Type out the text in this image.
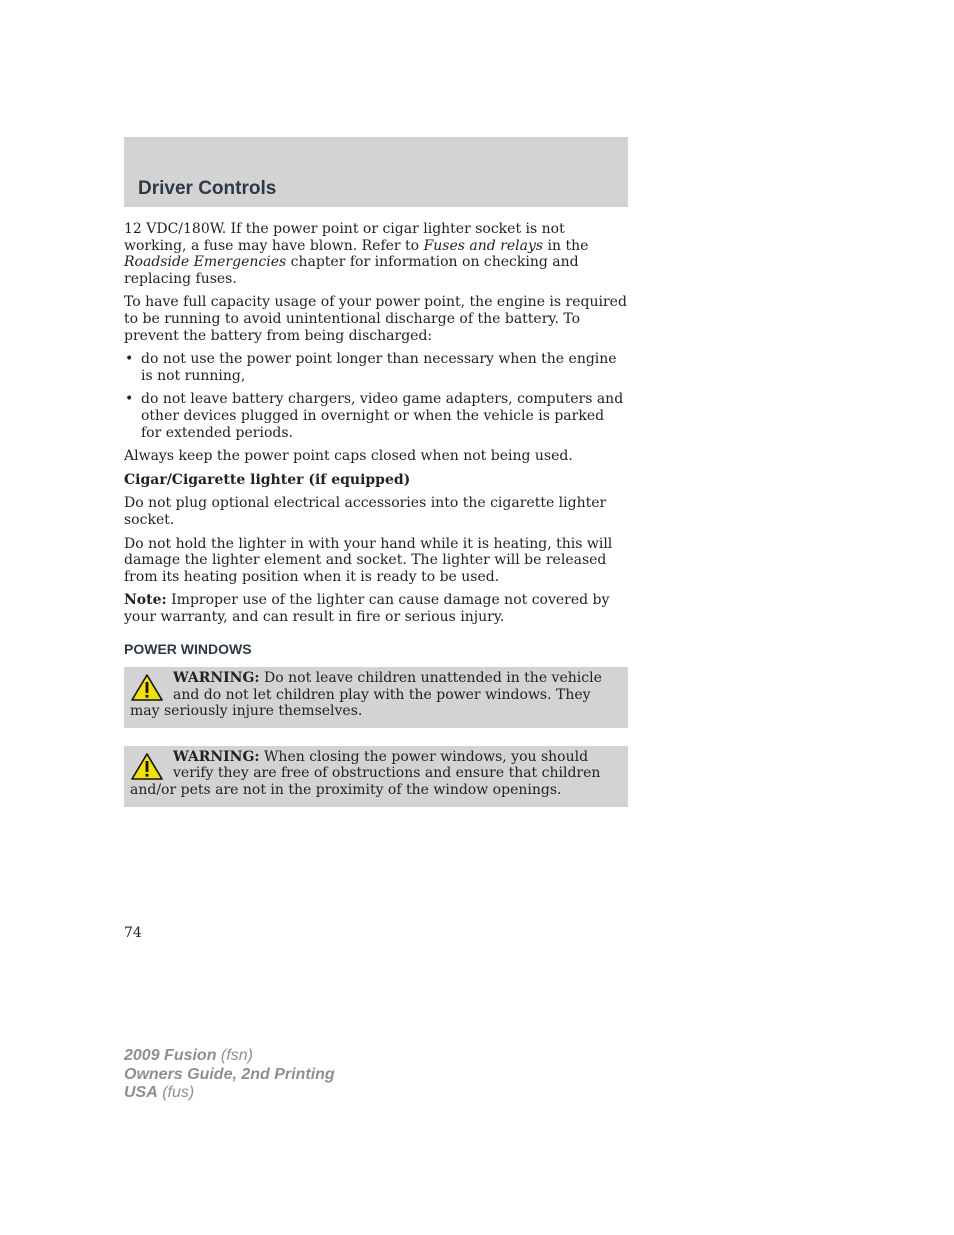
Driver Controls

12 VDC/180W. If the power point or cigar lighter socket is not working, a fuse may have blown. Refer to Fuses and relays in the Roadside Emergencies chapter for information on checking and replacing fuses.

To have full capacity usage of your power point, the engine is required to be running to avoid unintentional discharge of the battery. To prevent the battery from being discharged:

• do not use the power point longer than necessary when the engine is not running,
• do not leave battery chargers, video game adapters, computers and other devices plugged in overnight or when the vehicle is parked for extended periods.

Always keep the power point caps closed when not being used.

Cigar/Cigarette lighter (if equipped)

Do not plug optional electrical accessories into the cigarette lighter socket.

Do not hold the lighter in with your hand while it is heating, this will damage the lighter element and socket. The lighter will be released from its heating position when it is ready to be used.

Note: Improper use of the lighter can cause damage not covered by your warranty, and can result in fire or serious injury.

POWER WINDOWS
WARNING: Do not leave children unattended in the vehicle and do not let children play with the power windows. They may seriously injure themselves.
WARNING: When closing the power windows, you should verify they are free of obstructions and ensure that children and/or pets are not in the proximity of the window openings.
74
2009 Fusion (fsn)
Owners Guide, 2nd Printing
USA (fus)
